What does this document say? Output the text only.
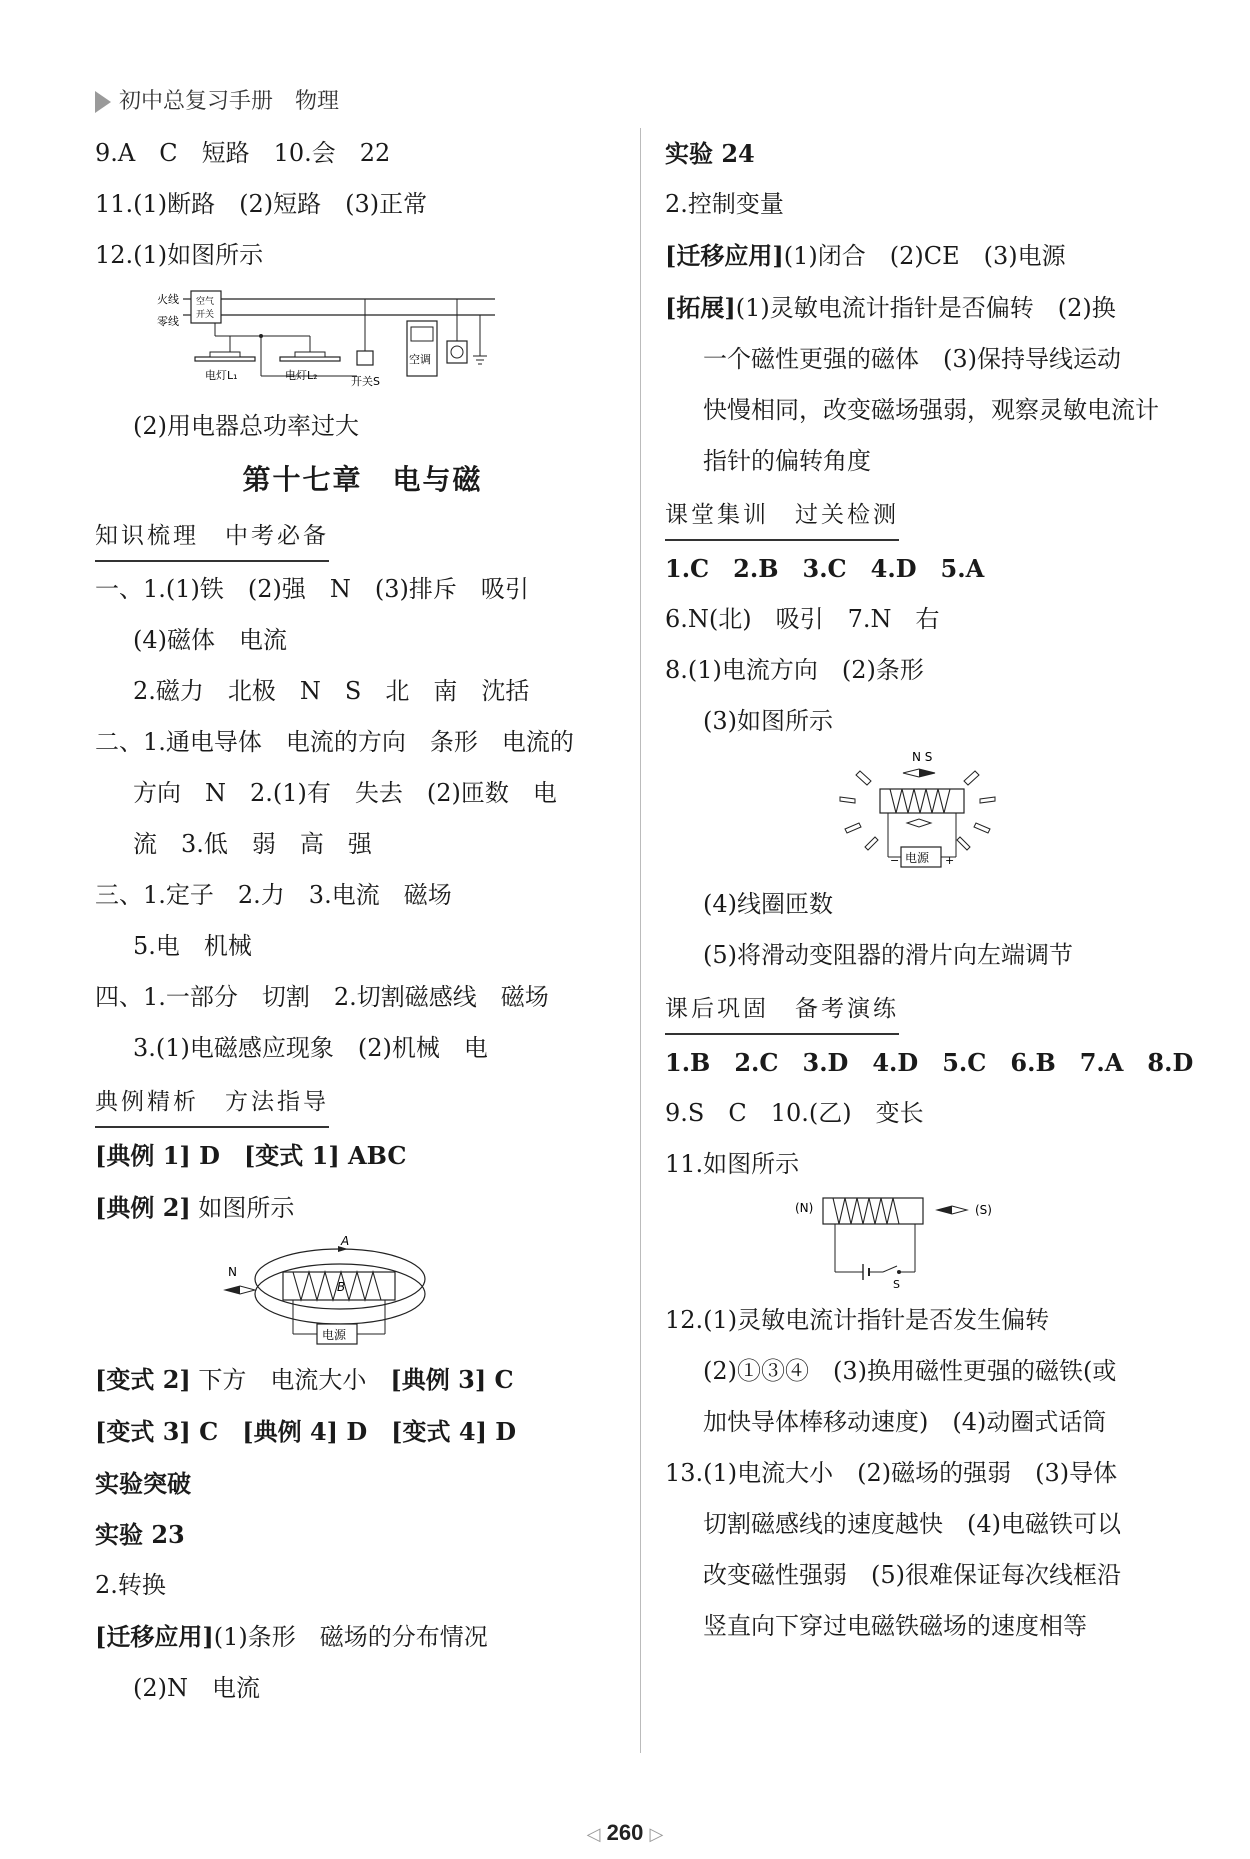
初中总复习手册　 物理
9.A　C　短路　10.会　22
11.(1)断路　(2)短路　(3)正常
12.(1)如图所示
火线
零线
空气
开关
电灯L₁	电灯L₂	开关S
空调
(2)用电器总功率过大
第十七章　电与磁
知识梳理　中考必备
一、1.(1)铁　(2)强　N　(3)排斥　吸引
(4)磁体　电流
2.磁力　北极　N　S　北　南　沈括
二、1.通电导体　电流的方向　条形　电流的
方向　N　2.(1)有　失去　(2)匝数　电
流　3.低　弱　高　强
三、1.定子　2.力　3.电流　磁场
5.电　机械
四、1.一部分　切割　2.切割磁感线　磁场
3.(1)电磁感应现象　(2)机械　电
典例精析　方法指导
[典例 1] D　 [变式 1] ABC
[典例 2] 如图所示
A
B
N
电源
[变式 2] 下方　电流大小　[典例 3] C
[变式 3] C　[典例 4] D　[变式 4] D
实验突破
实验 23
2.转换
[迁移应用](1)条形　磁场的分布情况
(2)N　电流
实验 24
2.控制变量
[迁移应用](1)闭合　(2)CE　(3)电源
[拓展](1)灵敏电流计指针是否偏转　(2)换
一个磁性更强的磁体　(3)保持导线运动
快慢相同，改变磁场强弱，观察灵敏电流计
指针的偏转角度
课堂集训　过关检测
1.C　2.B　3.C　4.D　5.A
6.N(北)　吸引　7.N　右
8.(1)电流方向　(2)条形
(3)如图所示
N S
电源
−	+
(4)线圈匝数
(5)将滑动变阻器的滑片向左端调节
课后巩固　备考演练
1.B　2.C　3.D　4.D　5.C　6.B　7.A　8.D
9.S　C　10.(乙)　变长
11.如图所示
(N)	(S)
S
12.(1)灵敏电流计指针是否发生偏转
(2)①③④　(3)换用磁性更强的磁铁(或
加快导体棒移动速度)　(4)动圈式话筒
13.(1)电流大小　(2)磁场的强弱　(3)导体
切割磁感线的速度越快　(4)电磁铁可以
改变磁性强弱　(5)很难保证每次线框沿
竖直向下穿过电磁铁磁场的速度相等
◁ 260 ▷
